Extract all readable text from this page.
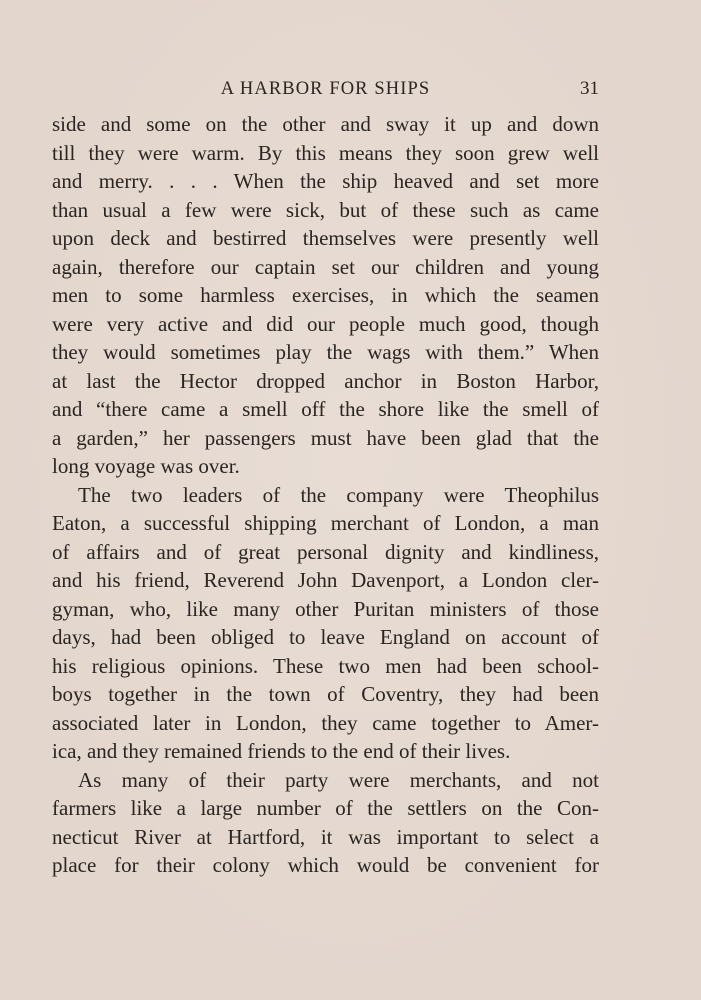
A HARBOR FOR SHIPS	31
side and some on the other and sway it up and down
till they were warm. By this means they soon grew well
and merry. . . . When the ship heaved and set more
than usual a few were sick, but of these such as came
upon deck and bestirred themselves were presently well
again, therefore our captain set our children and young
men to some harmless exercises, in which the seamen
were very active and did our people much good, though
they would sometimes play the wags with them.” When
at last the Hector dropped anchor in Boston Harbor,
and “there came a smell off the shore like the smell of
a garden,” her passengers must have been glad that the
long voyage was over.
The two leaders of the company were Theophilus
Eaton, a successful shipping merchant of London, a man
of affairs and of great personal dignity and kindliness,
and his friend, Reverend John Davenport, a London cler-
gyman, who, like many other Puritan ministers of those
days, had been obliged to leave England on account of
his religious opinions. These two men had been school-
boys together in the town of Coventry, they had been
associated later in London, they came together to Amer-
ica, and they remained friends to the end of their lives.
As many of their party were merchants, and not
farmers like a large number of the settlers on the Con-
necticut River at Hartford, it was important to select a
place for their colony which would be convenient for
